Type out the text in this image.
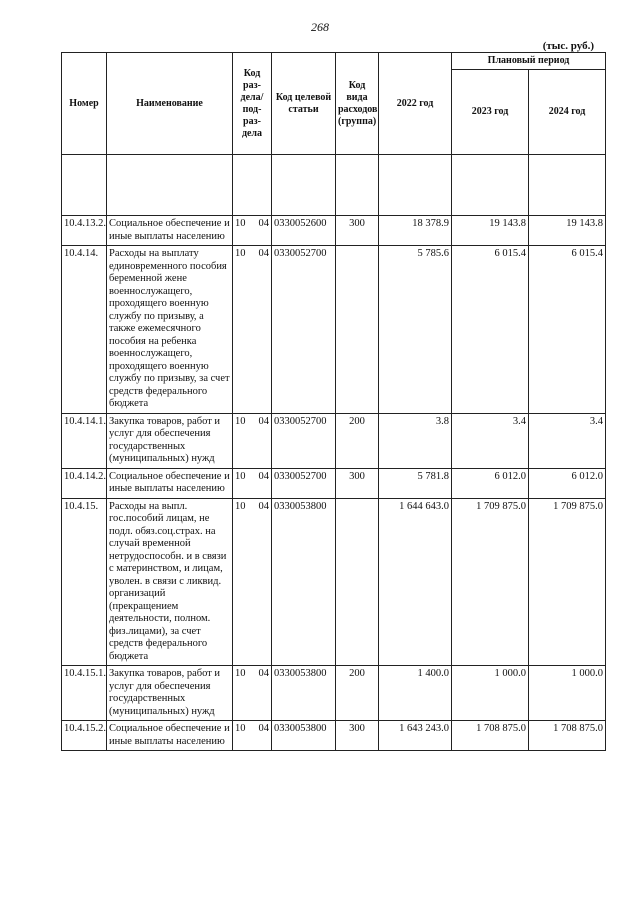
268
(тыс. руб.)
Номер	Наименование	Код раз- дела/ под- раз- дела	Код целевой статьи	Код вида расходов (группа)	2022 год	Плановый период	
						2023 год	2024 год

10.4.13.2.	Социальное обеспечение и иные выплаты населению	10 04	0330052600	300	18 378.9	19 143.8	19 143.8
10.4.14.	Расходы на выплату единовременного пособия беременной жене военнослужащего, проходящего военную службу по призыву, а также ежемесячного пособия на ребенка военнослужащего, проходящего военную службу по призыву, за счет средств федерального бюджета	10 04	0330052700		5 785.6	6 015.4	6 015.4
10.4.14.1.	Закупка товаров, работ и услуг для обеспечения государственных (муниципальных) нужд	10 04	0330052700	200	3.8	3.4	3.4
10.4.14.2.	Социальное обеспечение и иные выплаты населению	10 04	0330052700	300	5 781.8	6 012.0	6 012.0
10.4.15.	Расходы на выпл. гос.пособий лицам, не подл. обяз.соц.страх. на случай временной нетрудоспособн. и в связи с материнством, и лицам, уволен. в связи с ликвид. организаций (прекращением деятельности, полном. физ.лицами), за счет средств федерального бюджета	10 04	0330053800		1 644 643.0	1 709 875.0	1 709 875.0
10.4.15.1.	Закупка товаров, работ и услуг для обеспечения государственных (муниципальных) нужд	10 04	0330053800	200	1 400.0	1 000.0	1 000.0
10.4.15.2.	Социальное обеспечение и иные выплаты населению	10 04	0330053800	300	1 643 243.0	1 708 875.0	1 708 875.0
